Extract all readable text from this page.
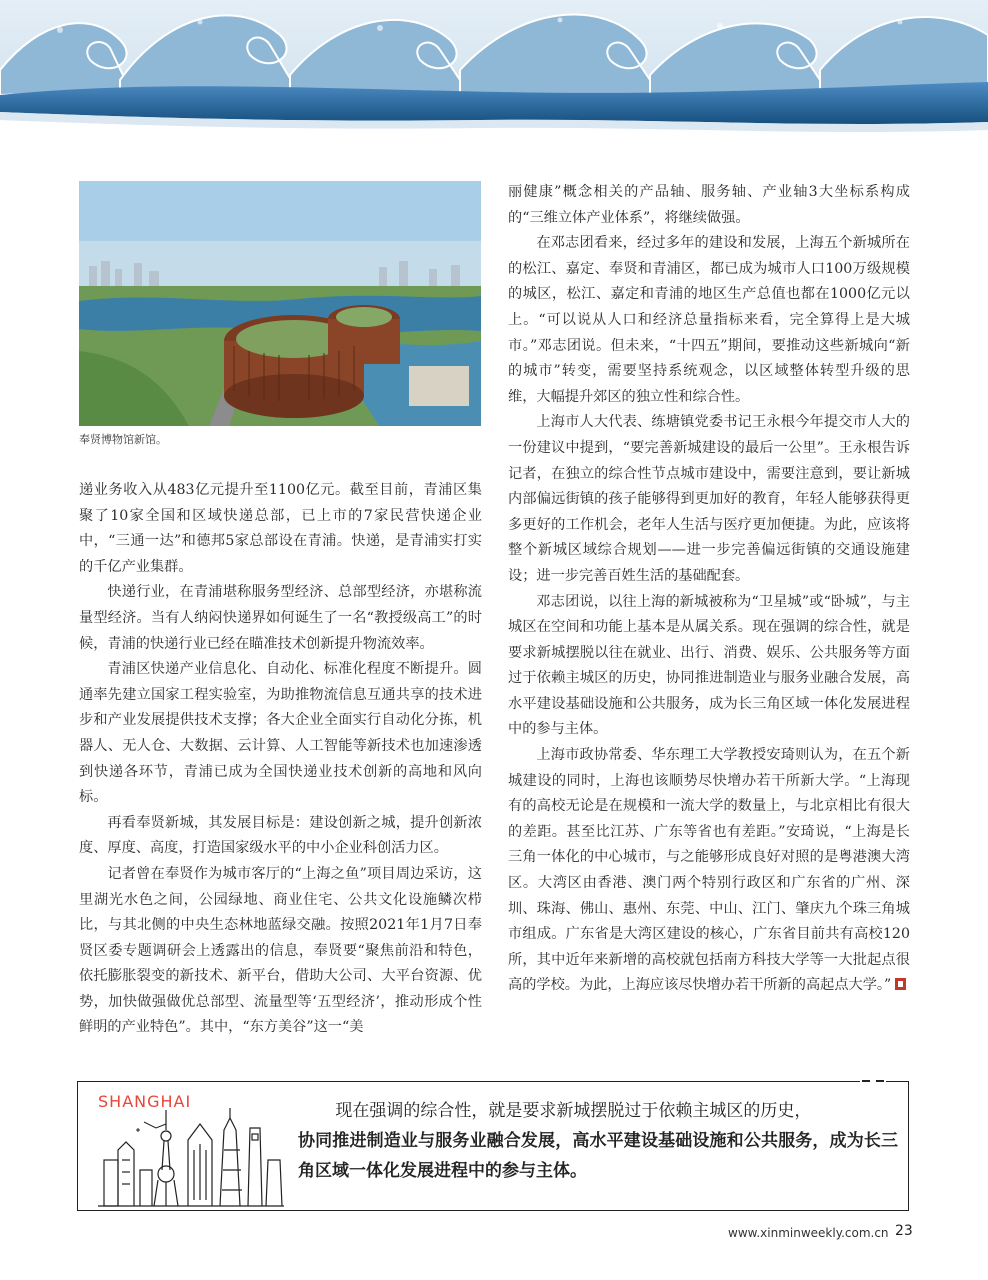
奉贤博物馆新馆。

递业务收入从483亿元提升至1100亿元。截至目前，青浦区集聚了10家全国和区域快递总部，已上市的7家民营快递企业中，“三通一达”和德邦5家总部设在青浦。快递，是青浦实打实的千亿产业集群。

快递行业，在青浦堪称服务型经济、总部型经济，亦堪称流量型经济。当有人纳闷快递界如何诞生了一名“教授级高工”的时候，青浦的快递行业已经在瞄准技术创新提升物流效率。

青浦区快递产业信息化、自动化、标准化程度不断提升。圆通率先建立国家工程实验室，为助推物流信息互通共享的技术进步和产业发展提供技术支撑；各大企业全面实行自动化分拣，机器人、无人仓、大数据、云计算、人工智能等新技术也加速渗透到快递各环节，青浦已成为全国快递业技术创新的高地和风向标。

再看奉贤新城，其发展目标是：建设创新之城，提升创新浓度、厚度、高度，打造国家级水平的中小企业科创活力区。

记者曾在奉贤作为城市客厅的“上海之鱼”项目周边采访，这里湖光水色之间，公园绿地、商业住宅、公共文化设施鳞次栉比，与其北侧的中央生态林地蓝绿交融。按照2021年1月7日奉贤区委专题调研会上透露出的信息，奉贤要“聚焦前沿和特色，依托膨胀裂变的新技术、新平台，借助大公司、大平台资源、优势，加快做强做优总部型、流量型等‘五型经济’，推动形成个性鲜明的产业特色”。其中，“东方美谷”这一“美

丽健康”概念相关的产品轴、服务轴、产业轴3大坐标系构成的“三维立体产业体系”，将继续做强。

在邓志团看来，经过多年的建设和发展，上海五个新城所在的松江、嘉定、奉贤和青浦区，都已成为城市人口100万级规模的城区，松江、嘉定和青浦的地区生产总值也都在1000亿元以上。“可以说从人口和经济总量指标来看，完全算得上是大城市。”邓志团说。但未来，“十四五”期间，要推动这些新城向“新的城市”转变，需要坚持系统观念，以区域整体转型升级的思维，大幅提升郊区的独立性和综合性。

上海市人大代表、练塘镇党委书记王永根今年提交市人大的一份建议中提到，“要完善新城建设的最后一公里”。王永根告诉记者，在独立的综合性节点城市建设中，需要注意到，要让新城内部偏远街镇的孩子能够得到更加好的教育，年轻人能够获得更多更好的工作机会，老年人生活与医疗更加便捷。为此，应该将整个新城区域综合规划——进一步完善偏远街镇的交通设施建设；进一步完善百姓生活的基础配套。

邓志团说，以往上海的新城被称为“卫星城”或“卧城”，与主城区在空间和功能上基本是从属关系。现在强调的综合性，就是要求新城摆脱以往在就业、出行、消费、娱乐、公共服务等方面过于依赖主城区的历史，协同推进制造业与服务业融合发展，高水平建设基础设施和公共服务，成为长三角区域一体化发展进程中的参与主体。

上海市政协常委、华东理工大学教授安琦则认为，在五个新城建设的同时，上海也该顺势尽快增办若干所新大学。“上海现有的高校无论是在规模和一流大学的数量上，与北京相比有很大的差距。甚至比江苏、广东等省也有差距。”安琦说，“上海是长三角一体化的中心城市，与之能够形成良好对照的是粤港澳大湾区。大湾区由香港、澳门两个特别行政区和广东省的广州、深圳、珠海、佛山、惠州、东莞、中山、江门、肇庆九个珠三角城市组成。广东省是大湾区建设的核心，广东省目前共有高校120所，其中近年来新增的高校就包括南方科技大学等一大批起点很高的学校。为此，上海应该尽快增办若干所新的高起点大学。”

SHANGHAI	现在强调的综合性，就是要求新城摆脱过于依赖主城区的历史，
协同推进制造业与服务业融合发展，高水平建设基础设施和公共服务，成为长三角区域一体化发展进程中的参与主体。
www.xinminweekly.com.cn 23
